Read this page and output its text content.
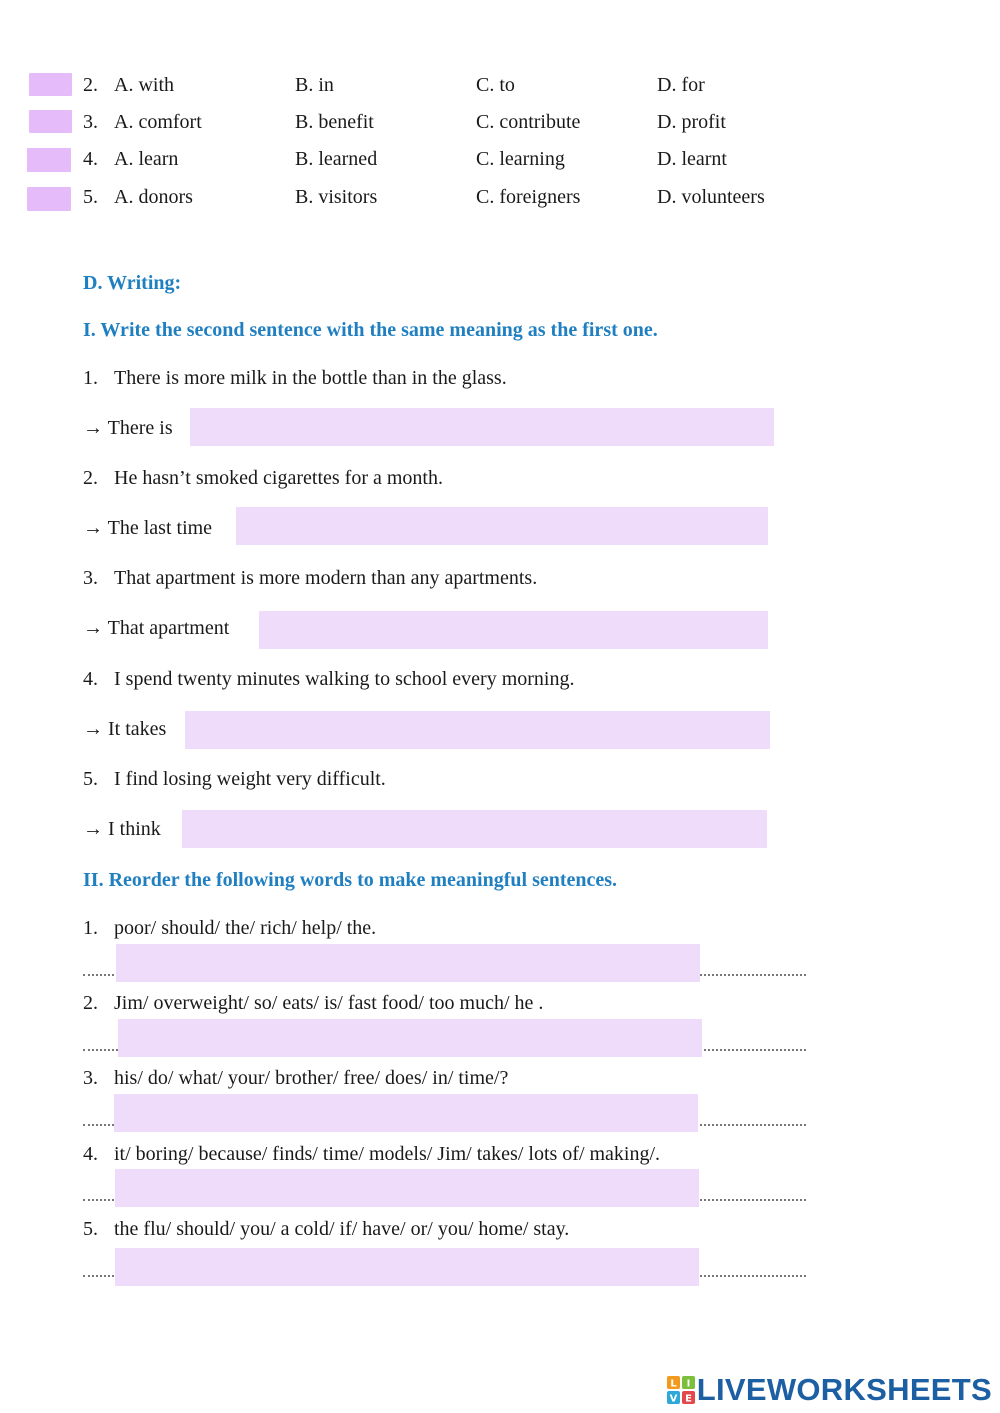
2. A. with	B. in	C. to	D. for
3. A. comfort	B. benefit	C. contribute	D. profit
4. A. learn	B. learned	C. learning	D. learnt
5. A. donors	B. visitors	C. foreigners	D. volunteers
D. Writing:
I. Write the second sentence with the same meaning as the first one.
1. There is more milk in the bottle than in the glass.
→ There is
2. He hasn’t smoked cigarettes for a month.
→ The last time
3. That apartment is more modern than any apartments.
→ That apartment
4. I spend twenty minutes walking to school every morning.
→ It takes
5. I find losing weight very difficult.
→ I think
II. Reorder the following words to make meaningful sentences.
1. poor/ should/ the/ rich/ help/ the.
2. Jim/ overweight/ so/ eats/ is/ fast food/ too much/ he .
3. his/ do/ what/ your/ brother/ free/ does/ in/ time/?
4. it/ boring/ because/ finds/ time/ models/ Jim/ takes/ lots of/ making/.
5. the flu/ should/ you/ a cold/ if/ have/ or/ you/ home/ stay.
L I
V E LIVEWORKSHEETS
